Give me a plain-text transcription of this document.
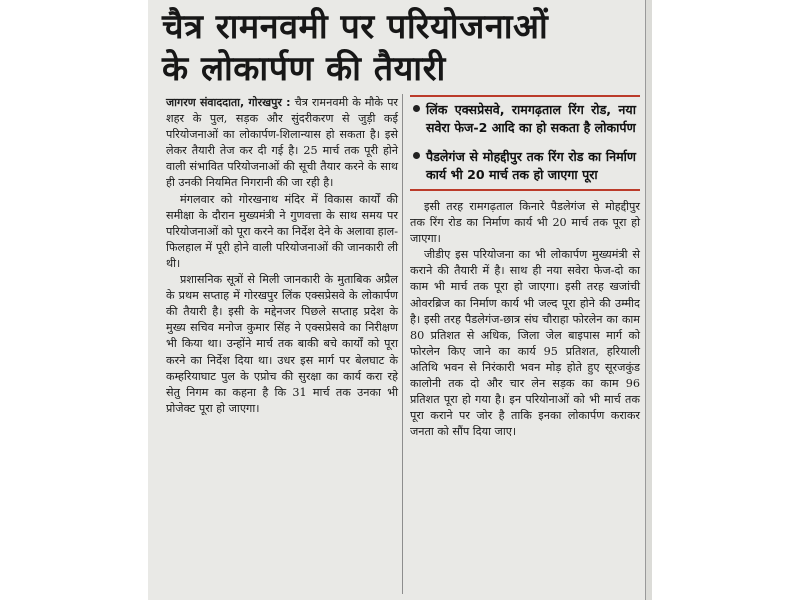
चैत्र रामनवमी पर परियोजनाओं
के लोकार्पण की तैयारी

जागरण संवाददाता, गोरखपुर : चैत्र रामनवमी के मौके पर शहर के पुल, सड़क और सुंदरीकरण से जुड़ी कई परियोजनाओं का लोकार्पण-शिलान्यास हो सकता है। इसे लेकर तैयारी तेज कर दी गई है। 25 मार्च तक पूरी होने वाली संभावित परियोजनाओं की सूची तैयार करने के साथ ही उनकी नियमित निगरानी की जा रही है।

मंगलवार को गोरखनाथ मंदिर में विकास कार्यों की समीक्षा के दौरान मुख्यमंत्री ने गुणवत्ता के साथ समय पर परियोजनाओं को पूरा करने का निर्देश देने के अलावा हाल-फिलहाल में पूरी होने वाली परियोजनाओं की जानकारी ली थी।

प्रशासनिक सूत्रों से मिली जानकारी के मुताबिक अप्रैल के प्रथम सप्ताह में गोरखपुर लिंक एक्सप्रेसवे के लोकार्पण की तैयारी है। इसी के मद्देनजर पिछले सप्ताह प्रदेश के मुख्य सचिव मनोज कुमार सिंह ने एक्सप्रेसवे का निरीक्षण भी किया था। उन्होंने मार्च तक बाकी बचे कार्यों को पूरा करने का निर्देश दिया था। उधर इस मार्ग पर बेलघाट के कम्हरियाघाट पुल के एप्रोच की सुरक्षा का कार्य करा रहे सेतु निगम का कहना है कि 31 मार्च तक उनका भी प्रोजेक्ट पूरा हो जाएगा।

लिंक एक्सप्रेसवे, रामगढ़ताल रिंग रोड, नया सवेरा फेज-2 आदि का हो सकता है लोकार्पण
पैडलेगंज से मोहद्दीपुर तक रिंग रोड का निर्माण कार्य भी 20 मार्च तक हो जाएगा पूरा

इसी तरह रामगढ़ताल किनारे पैडलेगंज से मोहद्दीपुर तक रिंग रोड का निर्माण कार्य भी 20 मार्च तक पूरा हो जाएगा।

जीडीए इस परियोजना का भी लोकार्पण मुख्यमंत्री से कराने की तैयारी में है। साथ ही नया सवेरा फेज-दो का काम भी मार्च तक पूरा हो जाएगा। इसी तरह खजांची ओवरब्रिज का निर्माण कार्य भी जल्द पूरा होने की उम्मीद है। इसी तरह पैडलेगंज-छात्र संघ चौराहा फोरलेन का काम 80 प्रतिशत से अधिक, जिला जेल बाइपास मार्ग को फोरलेन किए जाने का कार्य 95 प्रतिशत, हरियाली अतिथि भवन से निरंकारी भवन मोड़ होते हुए सूरजकुंड कालोनी तक दो और चार लेन सड़क का काम 96 प्रतिशत पूरा हो गया है। इन परियोनाओं को भी मार्च तक पूरा कराने पर जोर है ताकि इनका लोकार्पण कराकर जनता को सौंप दिया जाए।
